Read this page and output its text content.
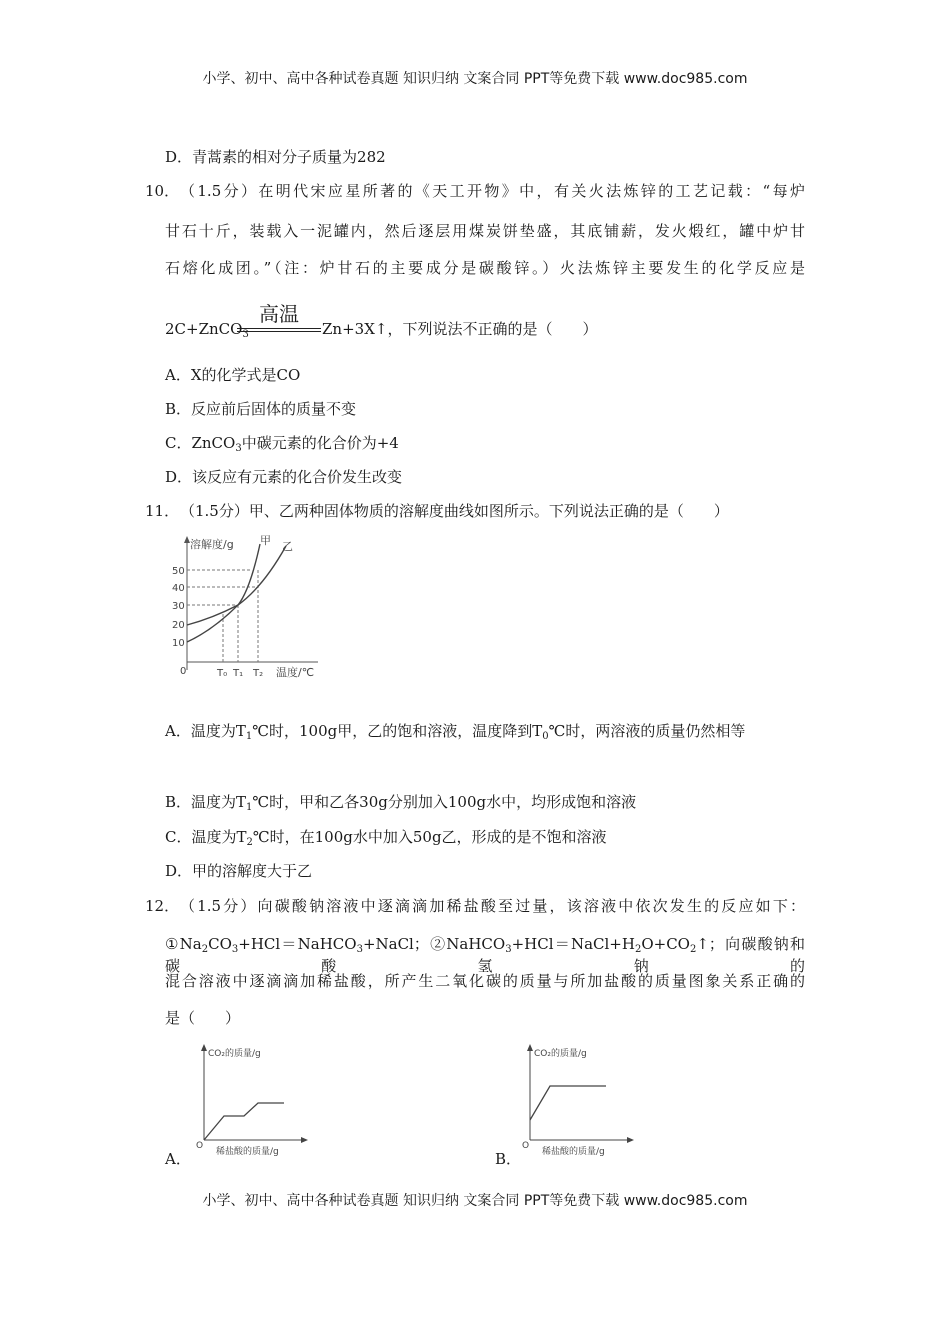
小学、初中、高中各种试卷真题 知识归纳 文案合同 PPT等免费下载 www.doc985.com
D．青蒿素的相对分子质量为282
10． （1.5分）在明代宋应星所著的《天工开物》中，有关火法炼锌的工艺记载：“每炉
甘石十斤，装载入一泥罐内，然后逐层用煤炭饼垫盛，其底铺薪，发火煅红，罐中炉甘
石熔化成团。”（注：炉甘石的主要成分是碳酸锌。）火法炼锌主要发生的化学反应是
2C+ZnCO$_3$
高温
Zn+3X↑，下列说法不正确的是（　　）
A．X的化学式是CO
B．反应前后固体的质量不变
C．ZnCO$_3$中碳元素的化合价为+4
D．该反应有元素的化合价发生改变
11． （1.5分）甲、乙两种固体物质的溶解度曲线如图所示。下列说法正确的是（　　）
溶解度/g 甲 乙
50
40
30
20
10
0	T₀ T₁ T₂ 温度/℃
A．温度为$T_1℃$时，100g甲，乙的饱和溶液，温度降到$T_0℃$时，两溶液的质量仍然相等
B．温度为$T_1℃$时，甲和乙各30g分别加入100g水中，均形成饱和溶液
C．温度为$T_2℃$时，在100g水中加入50g乙，形成的是不饱和溶液
D．甲的溶解度大于乙
12． （1.5分）向碳酸钠溶液中逐滴滴加稀盐酸至过量，该溶液中依次发生的反应如下：
$①Na_2CO_3+HCl=NaHCO_3+NaCl$；$②NaHCO_3+HCl=NaCl+H_2O+CO_2↑$；向碳酸钠和碳酸氢钠的
混合溶液中逐滴滴加稀盐酸，所产生二氧化碳的质量与所加盐酸的质量图象关系正确的
是（　　）
A．
CO₂的质量/g
O
稀盐酸的质量/g	B．
CO₂的质量/g
O
稀盐酸的质量/g
小学、初中、高中各种试卷真题 知识归纳 文案合同 PPT等免费下载 www.doc985.com
